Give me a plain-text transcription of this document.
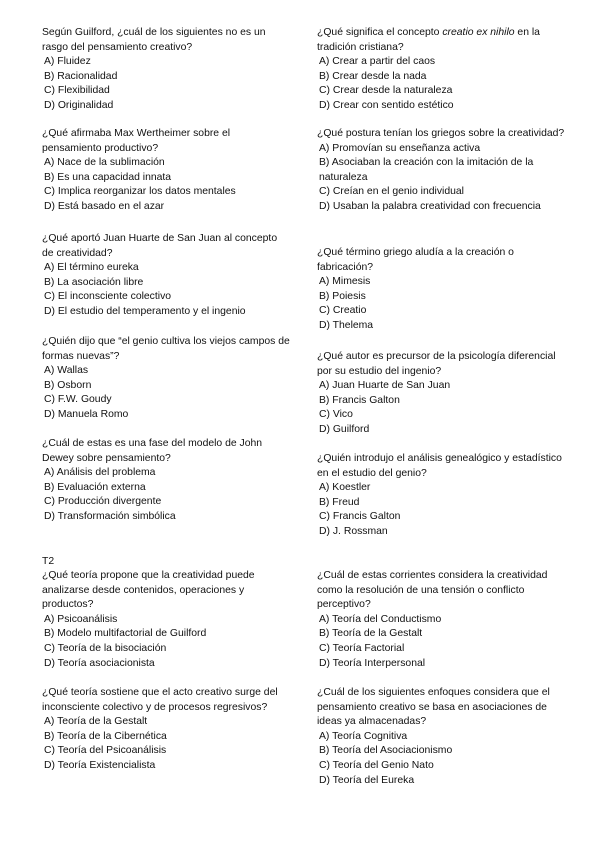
Según Guilford, ¿cuál de los siguientes no es un rasgo del pensamiento creativo?

A) Fluidez

B) Racionalidad

C) Flexibilidad

D) Originalidad

¿Qué afirmaba Max Wertheimer sobre el pensamiento productivo?

A) Nace de la sublimación

B) Es una capacidad innata

C) Implica reorganizar los datos mentales

D) Está basado en el azar

¿Qué aportó Juan Huarte de San Juan al concepto de creatividad?

A) El término eureka

B) La asociación libre

C) El inconsciente colectivo

D) El estudio del temperamento y el ingenio

¿Quién dijo que “el genio cultiva los viejos campos de formas nuevas”?

A) Wallas

B) Osborn

C) F.W. Goudy

D) Manuela Romo

¿Cuál de estas es una fase del modelo de John Dewey sobre pensamiento?

A) Análisis del problema

B) Evaluación externa

C) Producción divergente

D) Transformación simbólica

¿Qué significa el concepto creatio ex nihilo en la tradición cristiana?

A) Crear a partir del caos

B) Crear desde la nada

C) Crear desde la naturaleza

D) Crear con sentido estético

¿Qué postura tenían los griegos sobre la creatividad?

A) Promovían su enseñanza activa

B) Asociaban la creación con la imitación de la naturaleza

C) Creían en el genio individual

D) Usaban la palabra creatividad con frecuencia

¿Qué término griego aludía a la creación o fabricación?

A) Mimesis

B) Poiesis

C) Creatio

D) Thelema

¿Qué autor es precursor de la psicología diferencial por su estudio del ingenio?

A) Juan Huarte de San Juan

B) Francis Galton

C) Vico

D) Guilford

¿Quién introdujo el análisis genealógico y estadístico en el estudio del genio?

A) Koestler

B) Freud

C) Francis Galton

D) J. Rossman

T2

¿Qué teoría propone que la creatividad puede analizarse desde contenidos, operaciones y productos?

A) Psicoanálisis

B) Modelo multifactorial de Guilford

C) Teoría de la bisociación

D) Teoría asociacionista

¿Qué teoría sostiene que el acto creativo surge del inconsciente colectivo y de procesos regresivos?

A) Teoría de la Gestalt

B) Teoría de la Cibernética

C) Teoría del Psicoanálisis

D) Teoría Existencialista

¿Cuál de estas corrientes considera la creatividad como la resolución de una tensión o conflicto perceptivo?

A) Teoría del Conductismo

B) Teoría de la Gestalt

C) Teoría Factorial

D) Teoría Interpersonal

¿Cuál de los siguientes enfoques considera que el pensamiento creativo se basa en asociaciones de ideas ya almacenadas?

A) Teoría Cognitiva

B) Teoría del Asociacionismo

C) Teoría del Genio Nato

D) Teoría del Eureka
